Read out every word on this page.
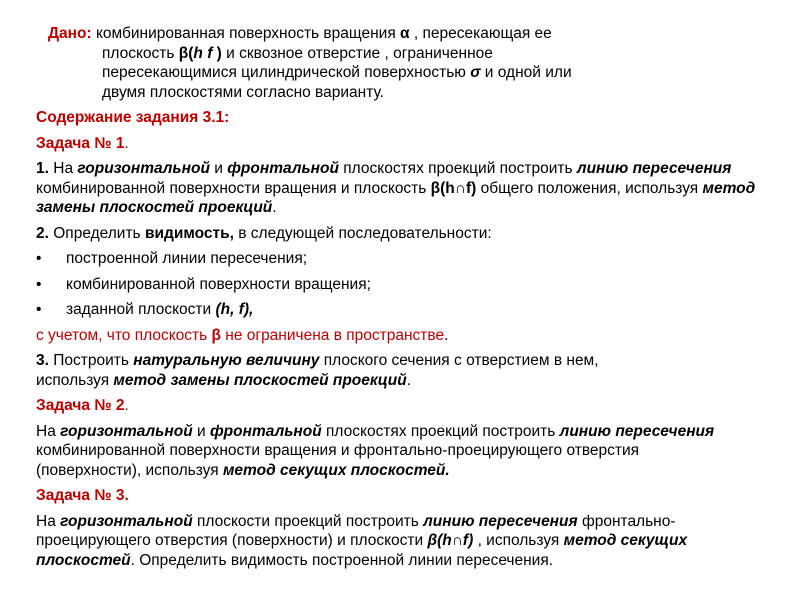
Дано: комбинированная поверхность вращения α , пересекающая ее
плоскость β(h f ) и сквозное отверстие , ограниченное
пересекающимися цилиндрической поверхностью σ и одной или
двумя плоскостями согласно варианту.
Содержание задания 3.1:
Задача № 1.
1. На горизонтальной и фронтальной плоскостях проекций построить линию пересечения комбинированной поверхности вращения и плоскость β(h∩f) общего положения, используя метод замены плоскостей проекций.
2. Определить видимость, в следующей последовательности:
• построенной линии пересечения;
• комбинированной поверхности вращения;
• заданной плоскости (h, f),
с учетом, что плоскость β не ограничена в пространстве.
3. Построить натуральную величину плоского сечения с отверстием в нем, используя метод замены плоскостей проекций.
Задача № 2.
На горизонтальной и фронтальной плоскостях проекций построить линию пересечения комбинированной поверхности вращения и фронтально-проецирующего отверстия (поверхности), используя метод секущих плоскостей.
Задача № 3.
На горизонтальной плоскости проекций построить линию пересечения фронтально-проецирующего отверстия (поверхности) и плоскости β(h∩f) , используя метод секущих плоскостей. Определить видимость построенной линии пересечения.
